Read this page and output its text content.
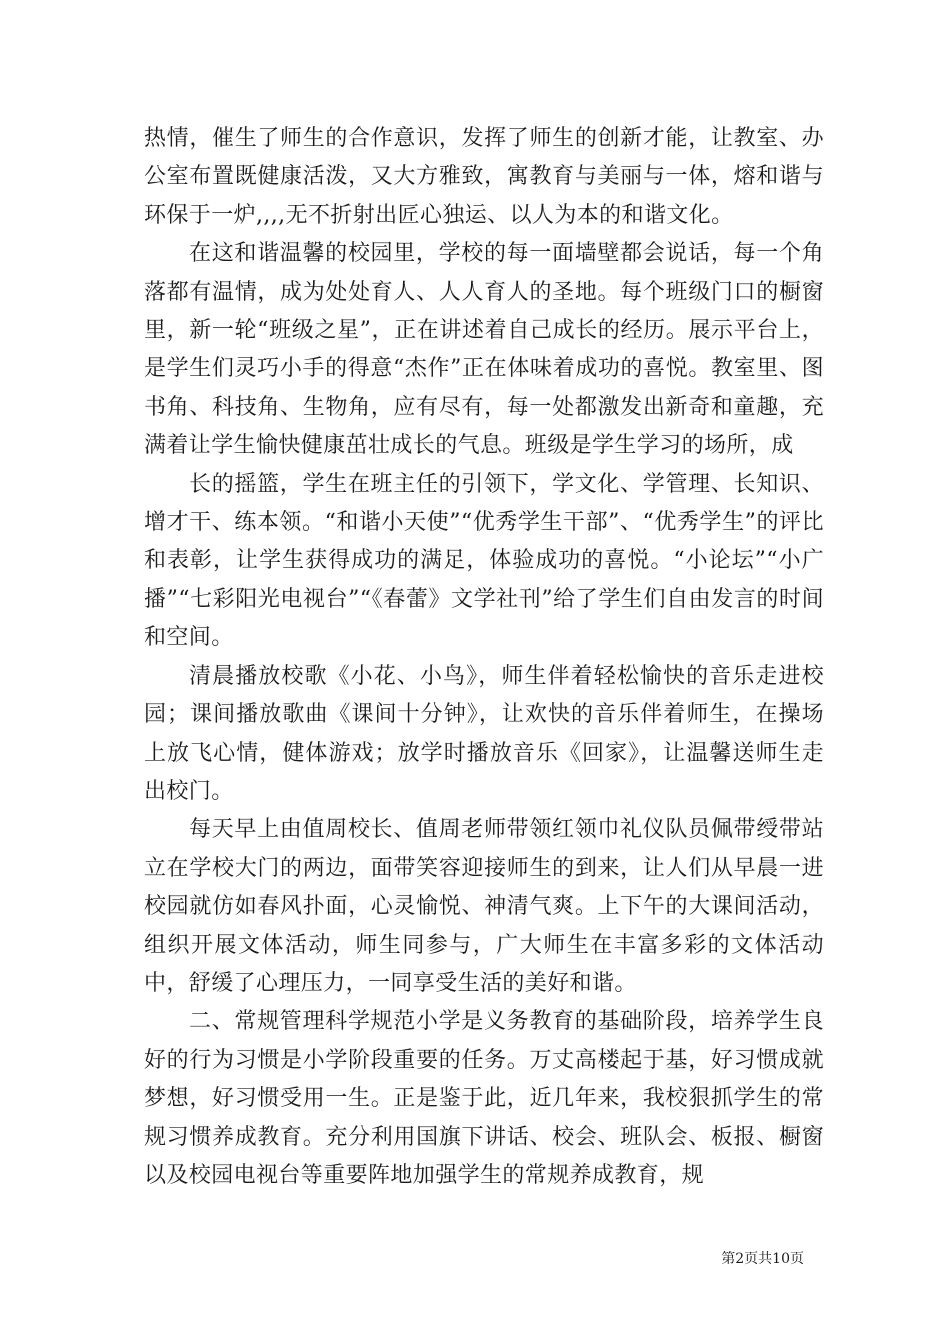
热情，催生了师生的合作意识，发挥了师生的创新才能，让教室、办公室布置既健康活泼，又大方雅致，寓教育与美丽与一体，熔和谐与环保于一炉,,,,无不折射出匠心独运、以人为本的和谐文化。

在这和谐温馨的校园里，学校的每一面墙壁都会说话，每一个角落都有温情，成为处处育人、人人育人的圣地。每个班级门口的橱窗里，新一轮“班级之星”，正在讲述着自己成长的经历。展示平台上，是学生们灵巧小手的得意“杰作”正在体味着成功的喜悦。教室里、图书角、科技角、生物角，应有尽有，每一处都激发出新奇和童趣，充满着让学生愉快健康茁壮成长的气息。班级是学生学习的场所，成

长的摇篮，学生在班主任的引领下，学文化、学管理、长知识、增才干、练本领。“和谐小天使”“优秀学生干部”、“优秀学生”的评比和表彰，让学生获得成功的满足，体验成功的喜悦。“小论坛”“小广播”“七彩阳光电视台”“《春蕾》文学社刊”给了学生们自由发言的时间和空间。

清晨播放校歌《小花、小鸟》，师生伴着轻松愉快的音乐走进校园；课间播放歌曲《课间十分钟》，让欢快的音乐伴着师生，在操场上放飞心情，健体游戏；放学时播放音乐《回家》，让温馨送师生走出校门。

每天早上由值周校长、值周老师带领红领巾礼仪队员佩带绶带站立在学校大门的两边，面带笑容迎接师生的到来，让人们从早晨一进校园就仿如春风扑面，心灵愉悦、神清气爽。上下午的大课间活动，组织开展文体活动，师生同参与，广大师生在丰富多彩的文体活动中，舒缓了心理压力，一同享受生活的美好和谐。

二、常规管理科学规范小学是义务教育的基础阶段，培养学生良好的行为习惯是小学阶段重要的任务。万丈高楼起于基，好习惯成就梦想，好习惯受用一生。正是鉴于此，近几年来，我校狠抓学生的常规习惯养成教育。充分利用国旗下讲话、校会、班队会、板报、橱窗以及校园电视台等重要阵地加强学生的常规养成教育，规

第2页共10页
